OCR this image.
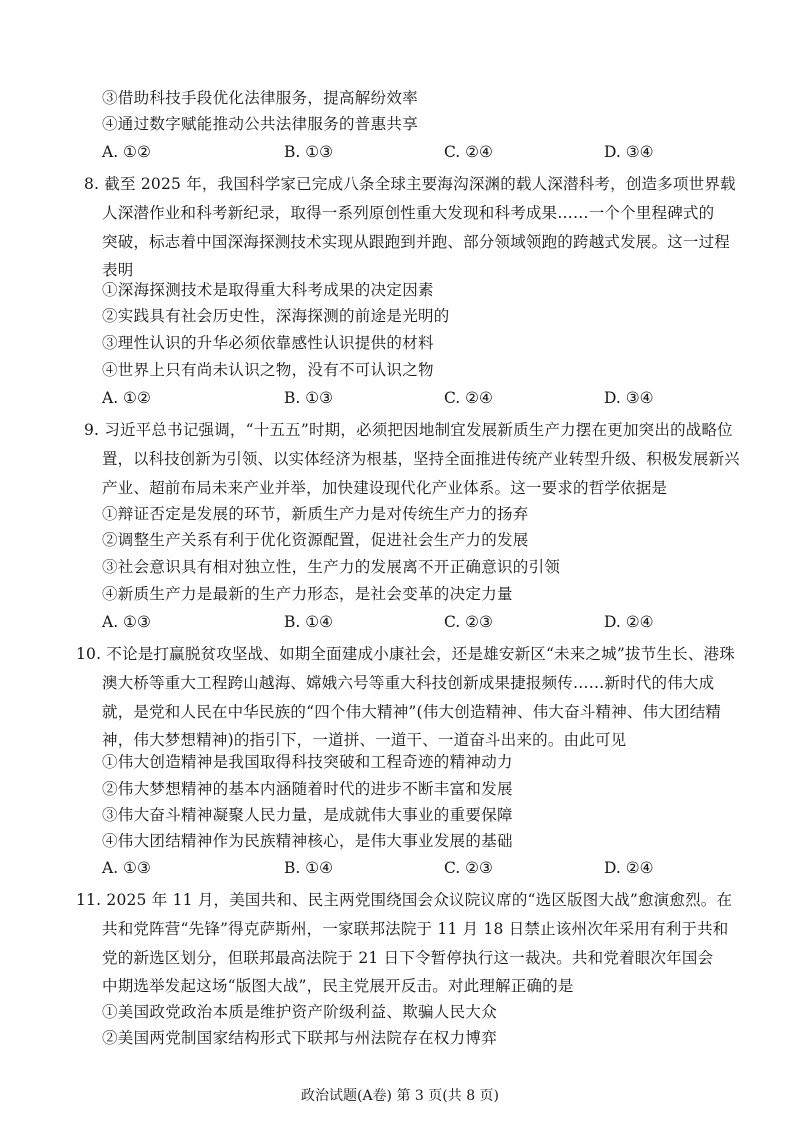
③借助科技手段优化法律服务，提高解纷效率
④通过数字赋能推动公共法律服务的普惠共享
A. ①②	B. ①③	C. ②④	D. ③④
8. 截至 2025 年，我国科学家已完成八条全球主要海沟深渊的载人深潜科考，创造多项世界载
人深潜作业和科考新纪录，取得一系列原创性重大发现和科考成果……一个个里程碑式的
突破，标志着中国深海探测技术实现从跟跑到并跑、部分领域领跑的跨越式发展。这一过程
表明
①深海探测技术是取得重大科考成果的决定因素
②实践具有社会历史性，深海探测的前途是光明的
③理性认识的升华必须依靠感性认识提供的材料
④世界上只有尚未认识之物，没有不可认识之物
A. ①②	B. ①③	C. ②④	D. ③④
9. 习近平总书记强调，“十五五”时期，必须把因地制宜发展新质生产力摆在更加突出的战略位
置，以科技创新为引领、以实体经济为根基，坚持全面推进传统产业转型升级、积极发展新兴
产业、超前布局未来产业并举，加快建设现代化产业体系。这一要求的哲学依据是
①辩证否定是发展的环节，新质生产力是对传统生产力的扬弃
②调整生产关系有利于优化资源配置，促进社会生产力的发展
③社会意识具有相对独立性，生产力的发展离不开正确意识的引领
④新质生产力是最新的生产力形态，是社会变革的决定力量
A. ①③	B. ①④	C. ②③	D. ②④
10. 不论是打赢脱贫攻坚战、如期全面建成小康社会，还是雄安新区“未来之城”拔节生长、港珠
澳大桥等重大工程跨山越海、嫦娥六号等重大科技创新成果捷报频传……新时代的伟大成
就，是党和人民在中华民族的“四个伟大精神”(伟大创造精神、伟大奋斗精神、伟大团结精
神，伟大梦想精神)的指引下，一道拼、一道干、一道奋斗出来的。由此可见
①伟大创造精神是我国取得科技突破和工程奇迹的精神动力
②伟大梦想精神的基本内涵随着时代的进步不断丰富和发展
③伟大奋斗精神凝聚人民力量，是成就伟大事业的重要保障
④伟大团结精神作为民族精神核心，是伟大事业发展的基础
A. ①③	B. ①④	C. ②③	D. ②④
11. 2025 年 11 月，美国共和、民主两党围绕国会众议院议席的“选区版图大战”愈演愈烈。在
共和党阵营“先锋”得克萨斯州，一家联邦法院于 11 月 18 日禁止该州次年采用有利于共和
党的新选区划分，但联邦最高法院于 21 日下令暂停执行这一裁决。共和党着眼次年国会
中期选举发起这场“版图大战”，民主党展开反击。对此理解正确的是
①美国政党政治本质是维护资产阶级利益、欺骗人民大众
②美国两党制国家结构形式下联邦与州法院存在权力博弈
政治试题(A卷) 第 3 页(共 8 页)
